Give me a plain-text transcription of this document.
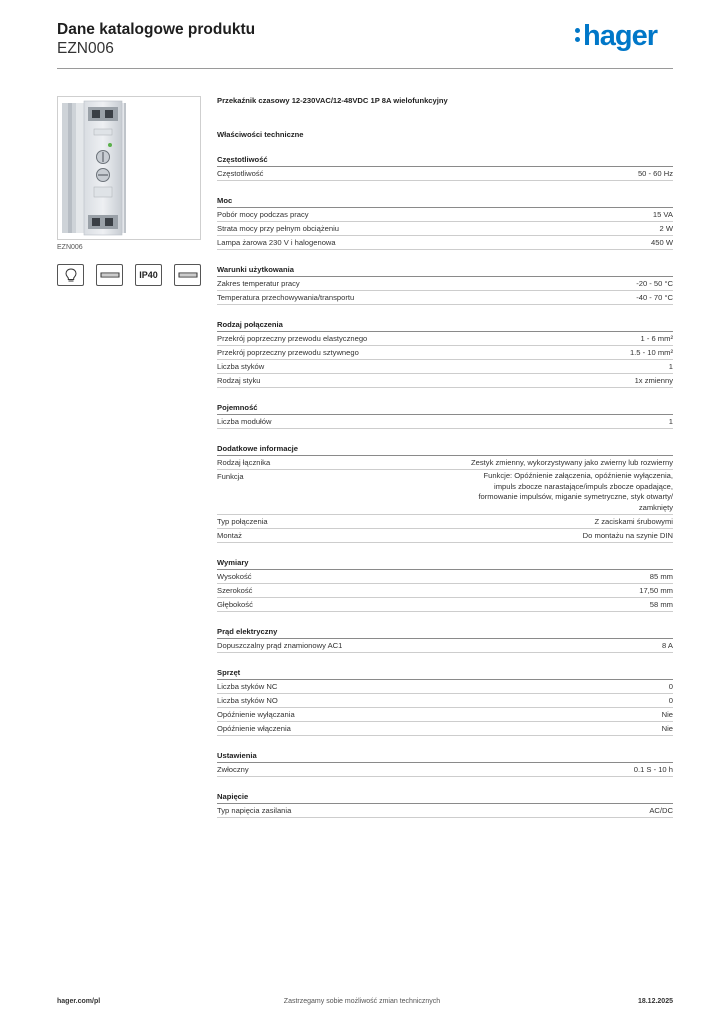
Dane katalogowe produktu
EZN006	hager
EZN006
IP40
Przekaźnik czasowy 12-230VAC/12-48VDC 1P 8A wielofunkcyjny
Właściwości techniczne
Częstotliwość
Częstotliwość	50 - 60 Hz
Moc
Pobór mocy podczas pracy	15 VA
Strata mocy przy pełnym obciążeniu	2 W
Lampa żarowa 230 V i halogenowa	450 W
Warunki użytkowania
Zakres temperatur pracy	-20 - 50 °C
Temperatura przechowywania/transportu	-40 - 70 °C
Rodzaj połączenia
Przekrój poprzeczny przewodu elastycznego	1 - 6 mm²
Przekrój poprzeczny przewodu sztywnego	1.5 - 10 mm²
Liczba styków	1
Rodzaj styku	1x zmienny
Pojemność
Liczba modułów	1
Dodatkowe informacje
Rodzaj łącznika	Zestyk zmienny, wykorzystywany jako zwierny lub rozwierny
Funkcja	Funkcje: Opóźnienie załączenia, opóźnienie wyłączenia,
impuls zbocze narastające/impuls zbocze opadające,
formowanie impulsów, miganie symetryczne, styk otwarty/
zamknięty
Typ połączenia	Z zaciskami śrubowymi
Montaż	Do montażu na szynie DIN
Wymiary
Wysokość	85 mm
Szerokość	17,50 mm
Głębokość	58 mm
Prąd elektryczny
Dopuszczalny prąd znamionowy AC1	8 A
Sprzęt
Liczba styków NC	0
Liczba styków NO	0
Opóźnienie wyłączania	Nie
Opóźnienie włączenia	Nie
Ustawienia
Zwłoczny	0.1 S - 10 h
Napięcie
Typ napięcia zasilania	AC/DC
hager.com/pl	Zastrzegamy sobie możliwość zmian technicznych	18.12.2025
